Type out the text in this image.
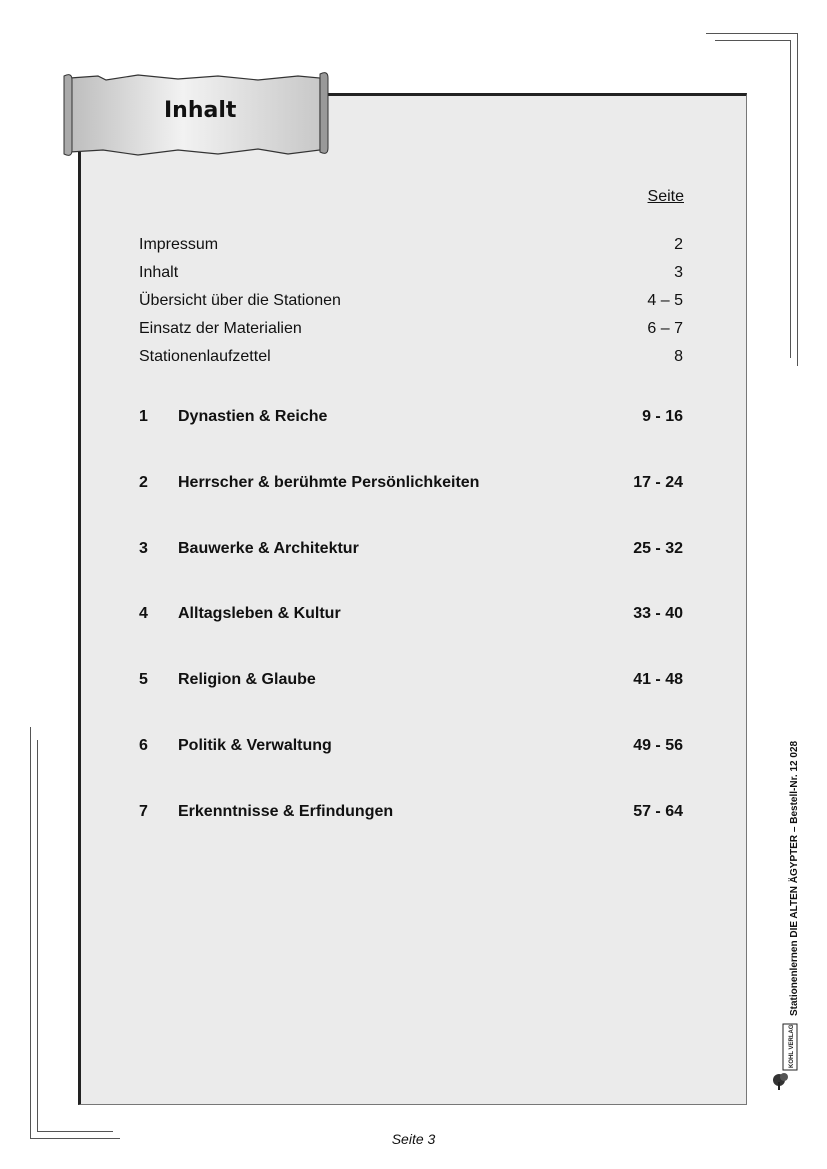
Inhalt
Seite
Impressum	2
Inhalt	3
Übersicht über die Stationen	4 – 5
Einsatz der Materialien	6 – 7
Stationenlaufzettel	8
1 Dynastien & Reiche	9 - 16
2 Herrscher & berühmte Persönlichkeiten	17 - 24
3 Bauwerke & Architektur	25 - 32
4 Alltagsleben & Kultur	33 - 40
5 Religion & Glaube	41 - 48
6 Politik & Verwaltung	49 - 56
7 Erkenntnisse & Erfindungen	57 - 64	Stationenlernen DIE ALTEN ÄGYPTER – Bestell-Nr. 12 028
KOHL VERLAG
Seite 3
